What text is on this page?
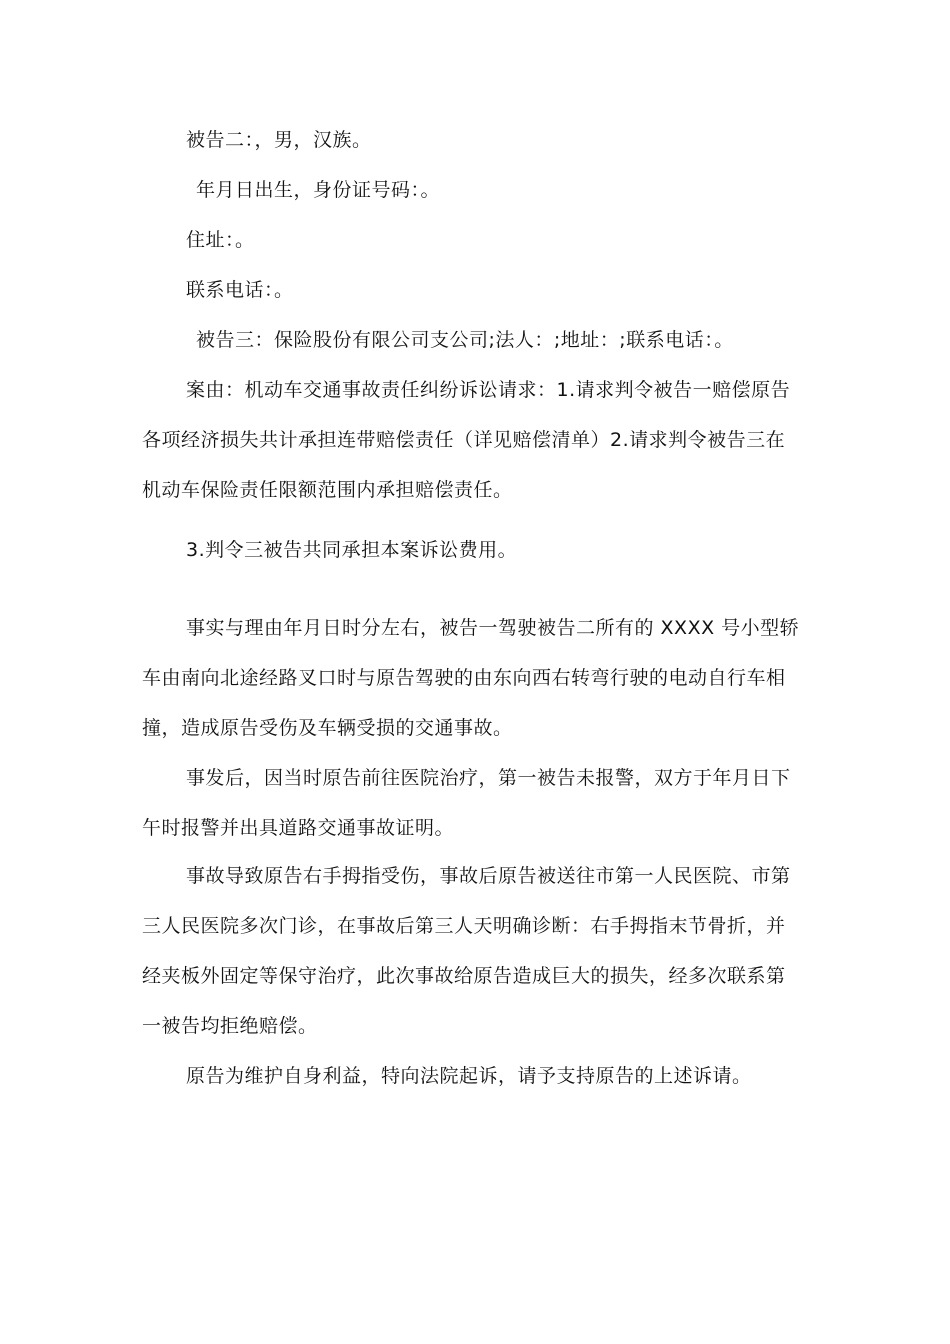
被告二：，男，汉族。
年月日出生，身份证号码：。
住址：。
联系电话：。
被告三：保险股份有限公司支公司;法人：;地址：;联系电话：。
案由：机动车交通事故责任纠纷诉讼请求：1.请求判令被告一赔偿原告
各项经济损失共计承担连带赔偿责任（详见赔偿清单）2.请求判令被告三在
机动车保险责任限额范围内承担赔偿责任。
3.判令三被告共同承担本案诉讼费用。
事实与理由年月日时分左右，被告一驾驶被告二所有的 XXXX 号小型轿
车由南向北途经路叉口时与原告驾驶的由东向西右转弯行驶的电动自行车相
撞，造成原告受伤及车辆受损的交通事故。
事发后，因当时原告前往医院治疗，第一被告未报警，双方于年月日下
午时报警并出具道路交通事故证明。
事故导致原告右手拇指受伤，事故后原告被送往市第一人民医院、市第
三人民医院多次门诊，在事故后第三人天明确诊断：右手拇指末节骨折，并
经夹板外固定等保守治疗，此次事故给原告造成巨大的损失，经多次联系第
一被告均拒绝赔偿。
原告为维护自身利益，特向法院起诉，请予支持原告的上述诉请。
